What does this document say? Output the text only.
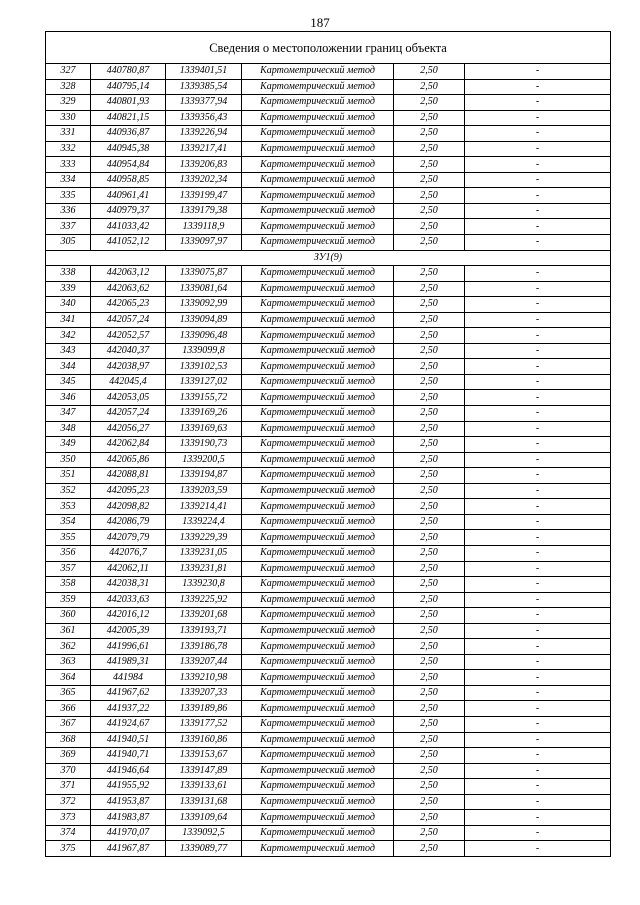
187
Сведения о местоположении границ объекта					
327	440780,87	1339401,51	Картометрический метод	2,50	-
328	440795,14	1339385,54	Картометрический метод	2,50	-
329	440801,93	1339377,94	Картометрический метод	2,50	-
330	440821,15	1339356,43	Картометрический метод	2,50	-
331	440936,87	1339226,94	Картометрический метод	2,50	-
332	440945,38	1339217,41	Картометрический метод	2,50	-
333	440954,84	1339206,83	Картометрический метод	2,50	-
334	440958,85	1339202,34	Картометрический метод	2,50	-
335	440961,41	1339199,47	Картометрический метод	2,50	-
336	440979,37	1339179,38	Картометрический метод	2,50	-
337	441033,42	1339118,9	Картометрический метод	2,50	-
305	441052,12	1339097,97	Картометрический метод	2,50	-
ЗУ1(9)					
338	442063,12	1339075,87	Картометрический метод	2,50	-
339	442063,62	1339081,64	Картометрический метод	2,50	-
340	442065,23	1339092,99	Картометрический метод	2,50	-
341	442057,24	1339094,89	Картометрический метод	2,50	-
342	442052,57	1339096,48	Картометрический метод	2,50	-
343	442040,37	1339099,8	Картометрический метод	2,50	-
344	442038,97	1339102,53	Картометрический метод	2,50	-
345	442045,4	1339127,02	Картометрический метод	2,50	-
346	442053,05	1339155,72	Картометрический метод	2,50	-
347	442057,24	1339169,26	Картометрический метод	2,50	-
348	442056,27	1339169,63	Картометрический метод	2,50	-
349	442062,84	1339190,73	Картометрический метод	2,50	-
350	442065,86	1339200,5	Картометрический метод	2,50	-
351	442088,81	1339194,87	Картометрический метод	2,50	-
352	442095,23	1339203,59	Картометрический метод	2,50	-
353	442098,82	1339214,41	Картометрический метод	2,50	-
354	442086,79	1339224,4	Картометрический метод	2,50	-
355	442079,79	1339229,39	Картометрический метод	2,50	-
356	442076,7	1339231,05	Картометрический метод	2,50	-
357	442062,11	1339231,81	Картометрический метод	2,50	-
358	442038,31	1339230,8	Картометрический метод	2,50	-
359	442033,63	1339225,92	Картометрический метод	2,50	-
360	442016,12	1339201,68	Картометрический метод	2,50	-
361	442005,39	1339193,71	Картометрический метод	2,50	-
362	441996,61	1339186,78	Картометрический метод	2,50	-
363	441989,31	1339207,44	Картометрический метод	2,50	-
364	441984	1339210,98	Картометрический метод	2,50	-
365	441967,62	1339207,33	Картометрический метод	2,50	-
366	441937,22	1339189,86	Картометрический метод	2,50	-
367	441924,67	1339177,52	Картометрический метод	2,50	-
368	441940,51	1339160,86	Картометрический метод	2,50	-
369	441940,71	1339153,67	Картометрический метод	2,50	-
370	441946,64	1339147,89	Картометрический метод	2,50	-
371	441955,92	1339133,61	Картометрический метод	2,50	-
372	441953,87	1339131,68	Картометрический метод	2,50	-
373	441983,87	1339109,64	Картометрический метод	2,50	-
374	441970,07	1339092,5	Картометрический метод	2,50	-
375	441967,87	1339089,77	Картометрический метод	2,50	-
